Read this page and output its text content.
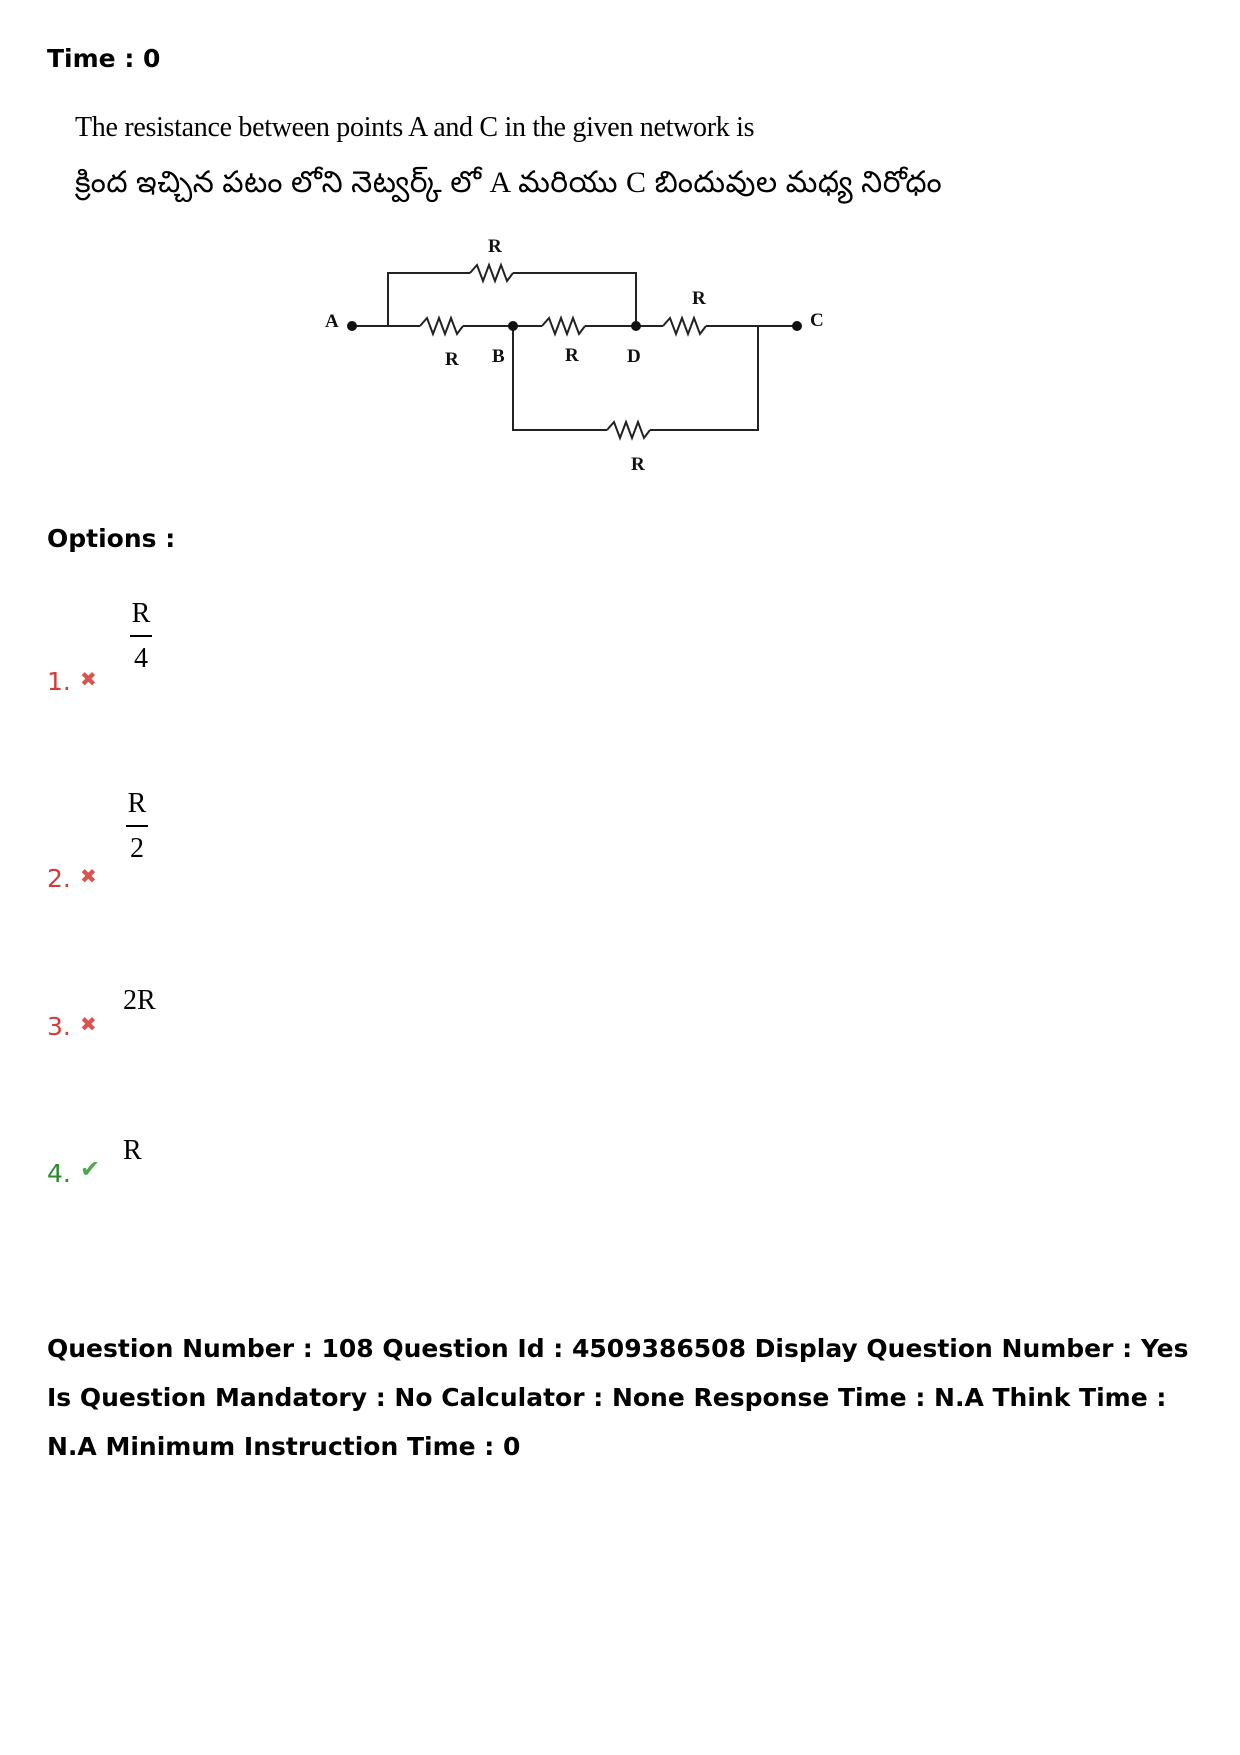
Time : 0
The resistance between points A and C in the given network is
క్రింద ఇచ్చిన పటం లోని నెట్వర్క్ లో A మరియు C బిందువుల మధ్య నిరోధం
A
B	D
C
R
R	R
R
R
Options :
R
4
1. ✖
R
2
2. ✖
2R
3. ✖
R
4. ✔
Question Number : 108 Question Id : 4509386508 Display Question Number : Yes Is Question Mandatory : No Calculator : None Response Time : N.A Think Time : N.A Minimum Instruction Time : 0
